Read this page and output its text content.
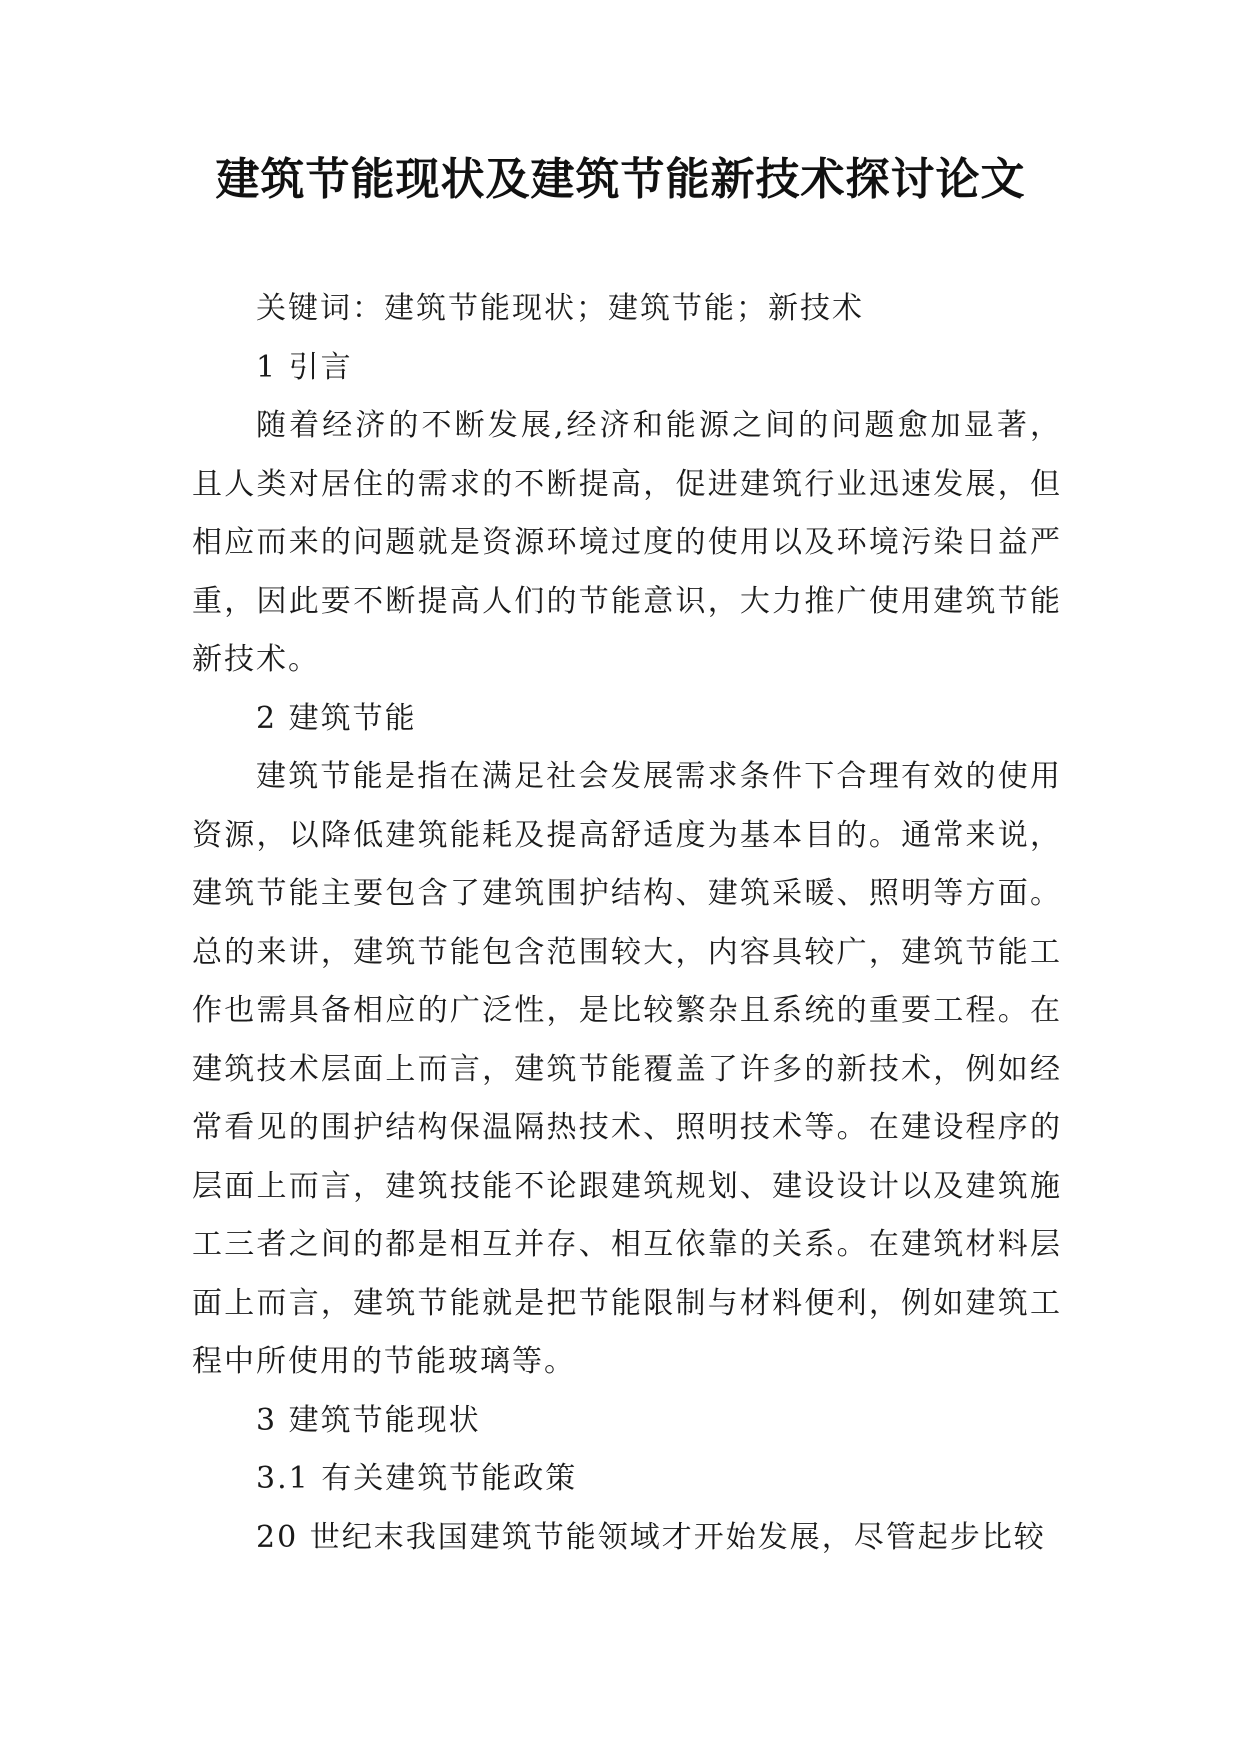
建筑节能现状及建筑节能新技术探讨论文

关键词：建筑节能现状；建筑节能；新技术

1 引言

随着经济的不断发展,经济和能源之间的问题愈加显著，且人类对居住的需求的不断提高，促进建筑行业迅速发展，但相应而来的问题就是资源环境过度的使用以及环境污染日益严重，因此要不断提高人们的节能意识，大力推广使用建筑节能新技术。

2 建筑节能

建筑节能是指在满足社会发展需求条件下合理有效的使用资源，以降低建筑能耗及提高舒适度为基本目的。通常来说，建筑节能主要包含了建筑围护结构、建筑采暖、照明等方面。总的来讲，建筑节能包含范围较大，内容具较广，建筑节能工作也需具备相应的广泛性，是比较繁杂且系统的重要工程。在建筑技术层面上而言，建筑节能覆盖了许多的新技术，例如经常看见的围护结构保温隔热技术、照明技术等。在建设程序的层面上而言，建筑技能不论跟建筑规划、建设设计以及建筑施工三者之间的都是相互并存、相互依靠的关系。在建筑材料层面上而言，建筑节能就是把节能限制与材料便利，例如建筑工程中所使用的节能玻璃等。

3 建筑节能现状

3.1 有关建筑节能政策

20 世纪末我国建筑节能领域才开始发展，尽管起步比较
